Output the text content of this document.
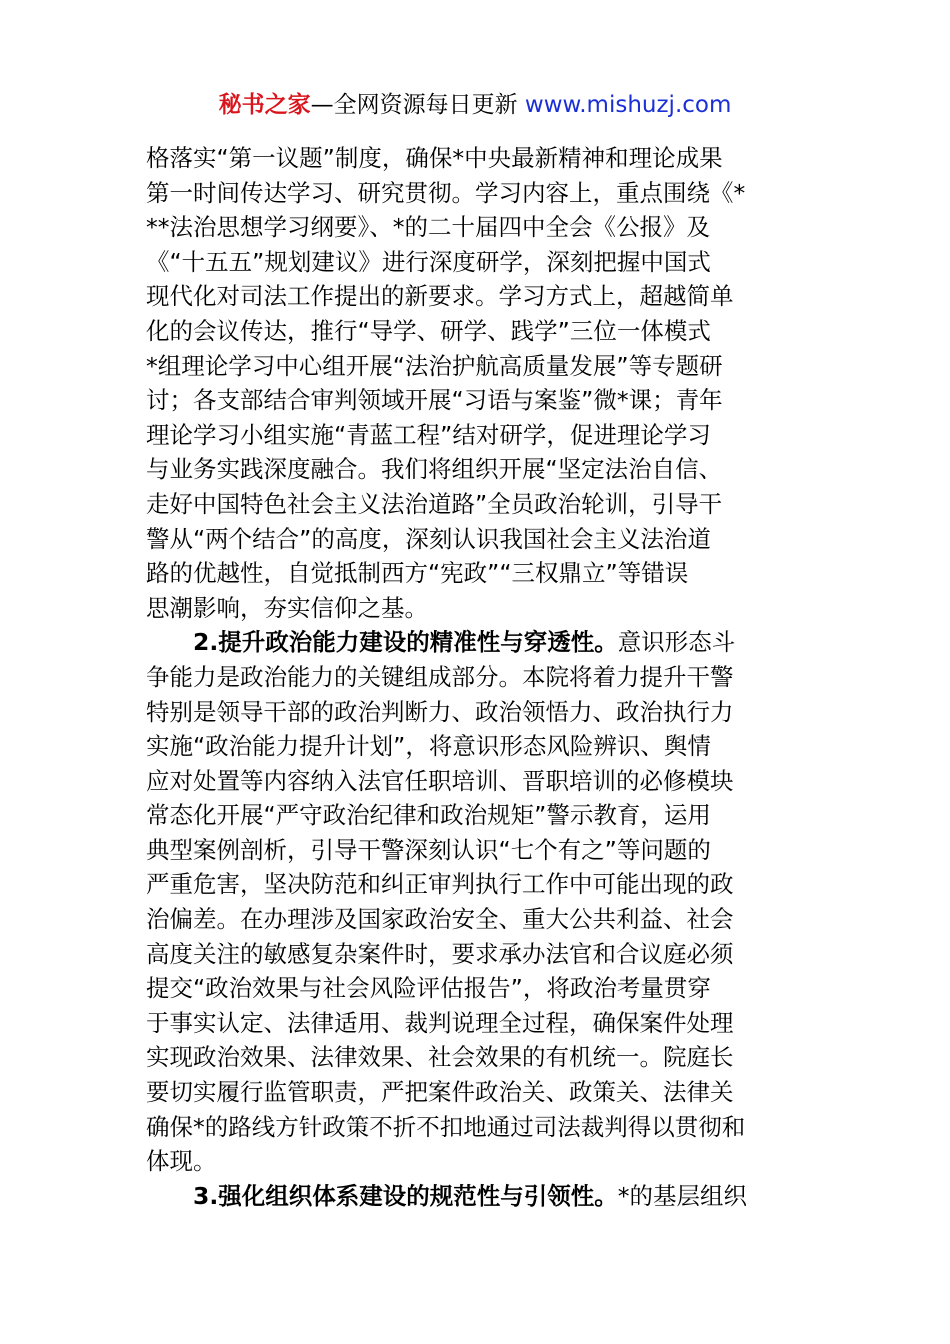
秘书之家—全网资源每日更新 www.mishuzj.com
格落实“第一议题”制度，确保*中央最新精神和理论成果
第一时间传达学习、研究贯彻。学习内容上，重点围绕《*
**法治思想学习纲要》、*的二十届四中全会《公报》及
《“十五五”规划建议》进行深度研学，深刻把握中国式
现代化对司法工作提出的新要求。学习方式上，超越简单
化的会议传达，推行“导学、研学、践学”三位一体模式
*组理论学习中心组开展“法治护航高质量发展”等专题研
讨；各支部结合审判领域开展“习语与案鉴”微*课；青年
理论学习小组实施“青蓝工程”结对研学，促进理论学习
与业务实践深度融合。我们将组织开展“坚定法治自信、
走好中国特色社会主义法治道路”全员政治轮训，引导干
警从“两个结合”的高度，深刻认识我国社会主义法治道
路的优越性，自觉抵制西方“宪政”“三权鼎立”等错误
思潮影响，夯实信仰之基。
2.提升政治能力建设的精准性与穿透性。意识形态斗
争能力是政治能力的关键组成部分。本院将着力提升干警
特别是领导干部的政治判断力、政治领悟力、政治执行力
实施“政治能力提升计划”，将意识形态风险辨识、舆情
应对处置等内容纳入法官任职培训、晋职培训的必修模块
常态化开展“严守政治纪律和政治规矩”警示教育，运用
典型案例剖析，引导干警深刻认识“七个有之”等问题的
严重危害，坚决防范和纠正审判执行工作中可能出现的政
治偏差。在办理涉及国家政治安全、重大公共利益、社会
高度关注的敏感复杂案件时，要求承办法官和合议庭必须
提交“政治效果与社会风险评估报告”，将政治考量贯穿
于事实认定、法律适用、裁判说理全过程，确保案件处理
实现政治效果、法律效果、社会效果的有机统一。院庭长
要切实履行监管职责，严把案件政治关、政策关、法律关
确保*的路线方针政策不折不扣地通过司法裁判得以贯彻和
体现。
3.强化组织体系建设的规范性与引领性。*的基层组织
